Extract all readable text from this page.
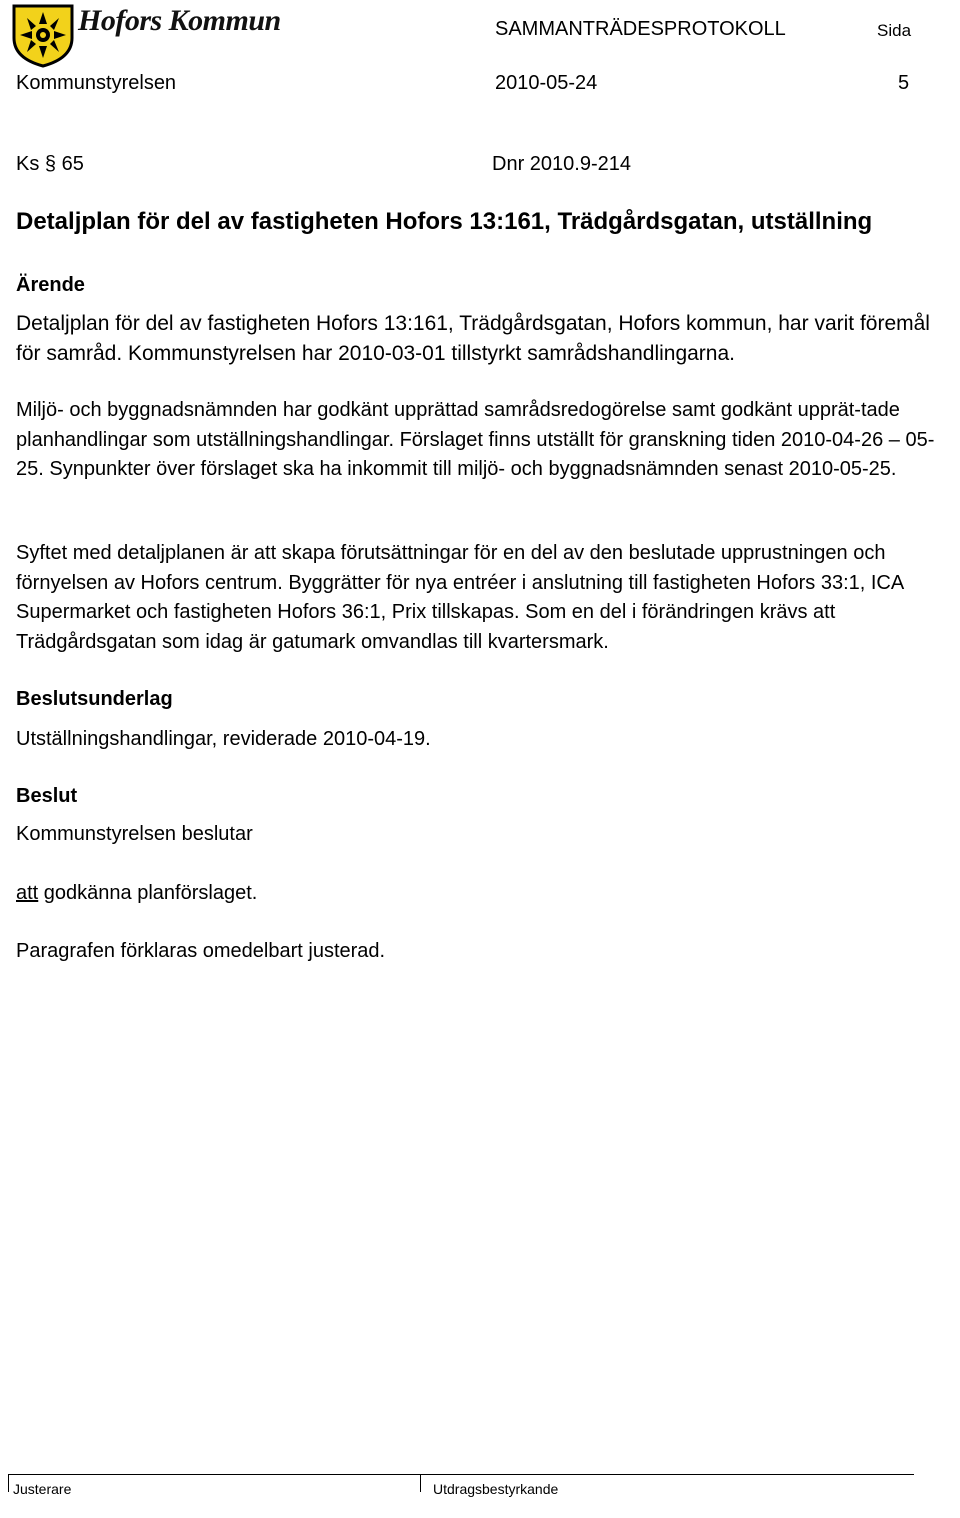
Hofors Kommun	SAMMANTRÄDESPROTOKOLL	Sida
Kommunstyrelsen	2010-05-24	5
Ks § 65	Dnr 2010.9-214
Detaljplan för del av fastigheten Hofors 13:161, Trädgårdsgatan, utställning
Ärende

Detaljplan för del av fastigheten Hofors 13:161, Trädgårdsgatan, Hofors kommun, har varit föremål för samråd. Kommunstyrelsen har 2010-03-01 tillstyrkt samrådshandlingarna.

Miljö- och byggnadsnämnden har godkänt upprättad samrådsredogörelse samt godkänt upprät-tade planhandlingar som utställningshandlingar. Förslaget finns utställt för granskning tiden 2010-04-26 – 05-25. Synpunkter över förslaget ska ha inkommit till miljö- och byggnadsnämnden senast 2010-05-25.

Syftet med detaljplanen är att skapa förutsättningar för en del av den beslutade upprustningen och förnyelsen av Hofors centrum. Byggrätter för nya entréer i anslutning till fastigheten Hofors 33:1, ICA Supermarket och fastigheten Hofors 36:1, Prix tillskapas. Som en del i förändringen krävs att Trädgårdsgatan som idag är gatumark omvandlas till kvartersmark.

Beslutsunderlag

Utställningshandlingar, reviderade 2010-04-19.

Beslut

Kommunstyrelsen beslutar

att godkänna planförslaget.

Paragrafen förklaras omedelbart justerad.

Justerare	Utdragsbestyrkande
